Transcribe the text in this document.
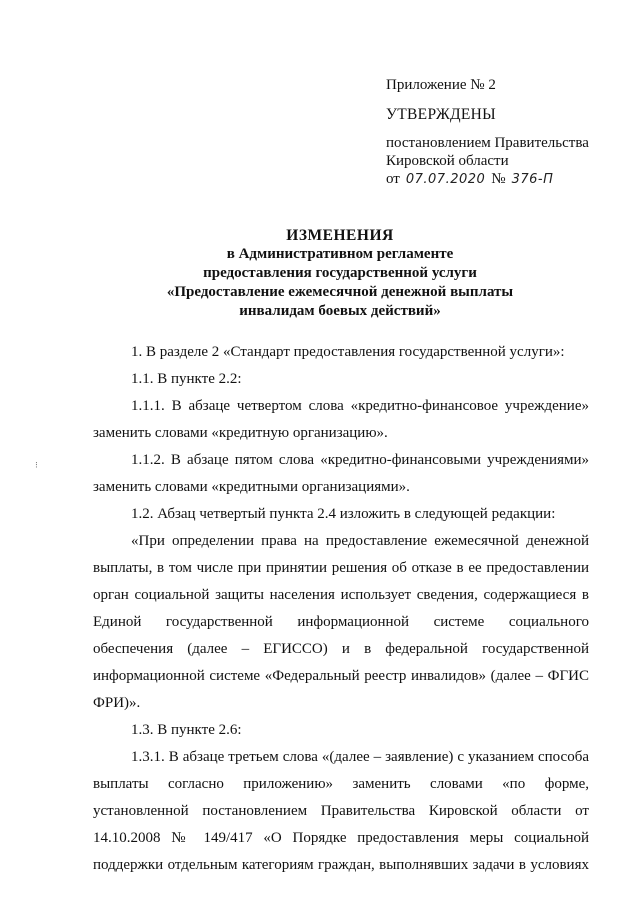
Приложение № 2
УТВЕРЖДЕНЫ
постановлением Правительства
Кировской области
от 07.07.2020 № 376-П
ИЗМЕНЕНИЯ
в Административном регламенте
предоставления государственной услуги
«Предоставление ежемесячной денежной выплаты
инвалидам боевых действий»

1. В разделе 2 «Стандарт предоставления государственной услуги»:

1.1. В пункте 2.2:

1.1.1. В абзаце четвертом слова «кредитно-финансовое учреждение» заменить словами «кредитную организацию».

1.1.2. В абзаце пятом слова «кредитно-финансовыми учреждениями» заменить словами «кредитными организациями».

1.2. Абзац четвертый пункта 2.4 изложить в следующей редакции:

«При определении права на предоставление ежемесячной денежной выплаты, в том числе при принятии решения об отказе в ее предоставлении орган социальной защиты населения использует сведения, содержащиеся в Единой государственной информационной системе социального обеспечения (далее – ЕГИССО) и в федеральной государственной информационной системе «Федеральный реестр инвалидов» (далее – ФГИС ФРИ)».

1.3. В пункте 2.6:

1.3.1. В абзаце третьем слова «(далее – заявление) с указанием способа выплаты согласно приложению» заменить словами «по форме, установленной постановлением Правительства Кировской области от 14.10.2008 № 149/417 «О Порядке предоставления меры социальной поддержки отдельным категориям граждан, выполнявших задачи в условиях

⁝
